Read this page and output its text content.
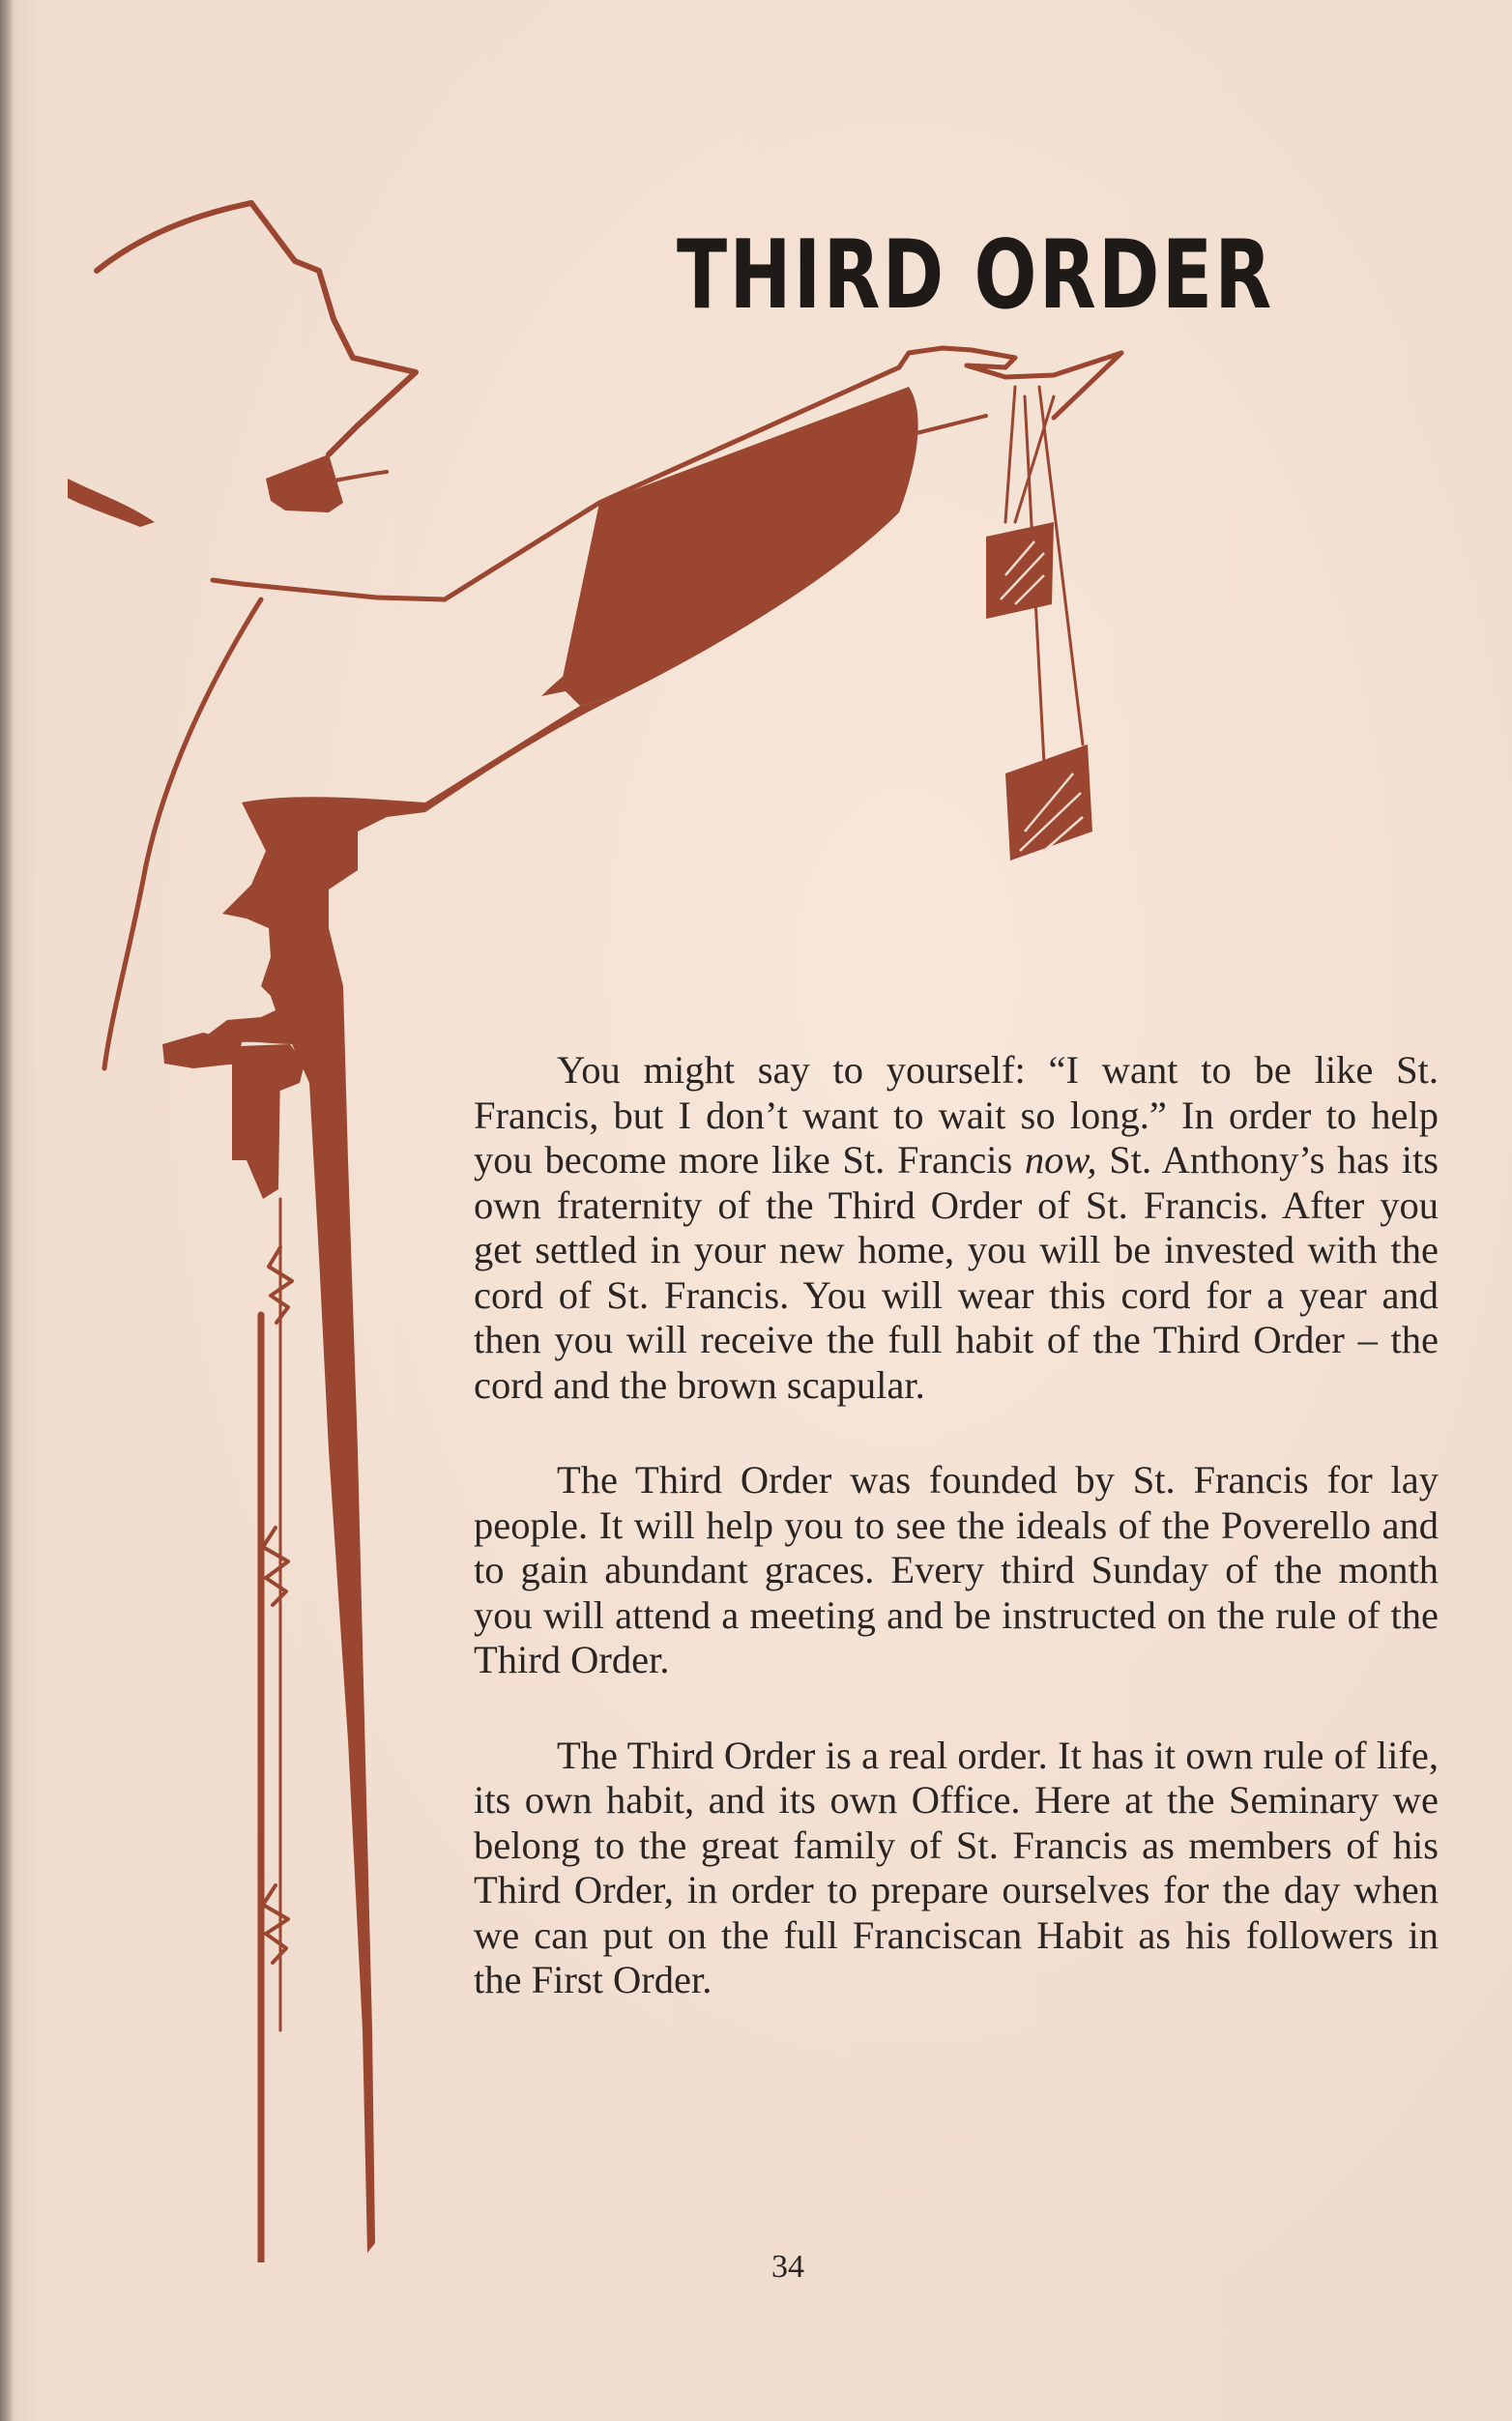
THIRD ORDER

You might say to yourself: “I want to be like St. Francis, but I don’t want to wait so long.” In order to help you become more like St. Francis now, St. Anthony’s has its own fraternity of the Third Order of St. Francis. After you get settled in your new home, you will be invested with the cord of St. Francis. You will wear this cord for a year and then you will receive the full habit of the Third Order – the cord and the brown scapular.

The Third Order was founded by St. Francis for lay people. It will help you to see the ideals of the Poverello and to gain abundant graces. Every third Sunday of the month you will attend a meeting and be instructed on the rule of the Third Order.

The Third Order is a real order. It has it own rule of life, its own habit, and its own Office. Here at the Seminary we belong to the great family of St. Francis as members of his Third Order, in order to prepare ourselves for the day when we can put on the full Franciscan Habit as his followers in the First Order.

34
